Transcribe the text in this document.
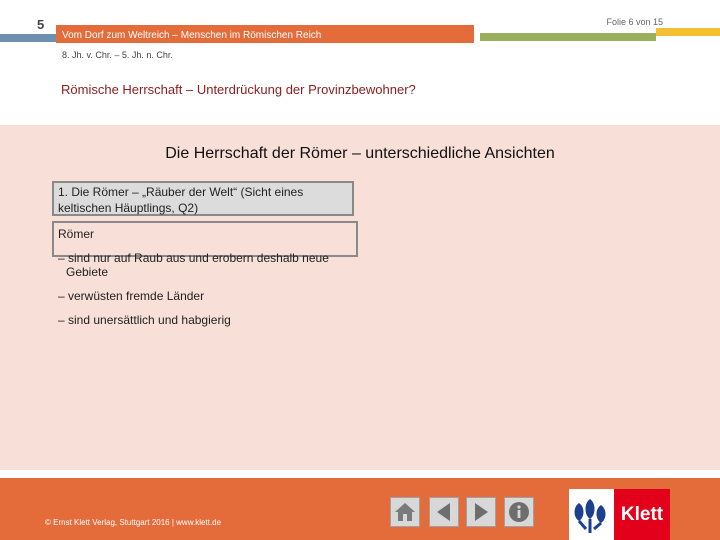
5
Vom Dorf zum Weltreich – Menschen im Römischen Reich
Folie 6 von 15
8. Jh. v. Chr. – 5. Jh. n. Chr.
Römische Herrschaft – Unterdrückung der Provinzbewohner?
Die Herrschaft der Römer – unterschiedliche Ansichten
1. Die Römer – „Räuber der Welt“ (Sicht eines
keltischen Häuptlings, Q2)
Römer
– sind nur auf Raub aus und erobern deshalb neue
Gebiete
– verwüsten fremde Länder
– sind unersättlich und habgierig
© Ernst Klett Verlag, Stuttgart 2016 | www.klett.de	Klett
